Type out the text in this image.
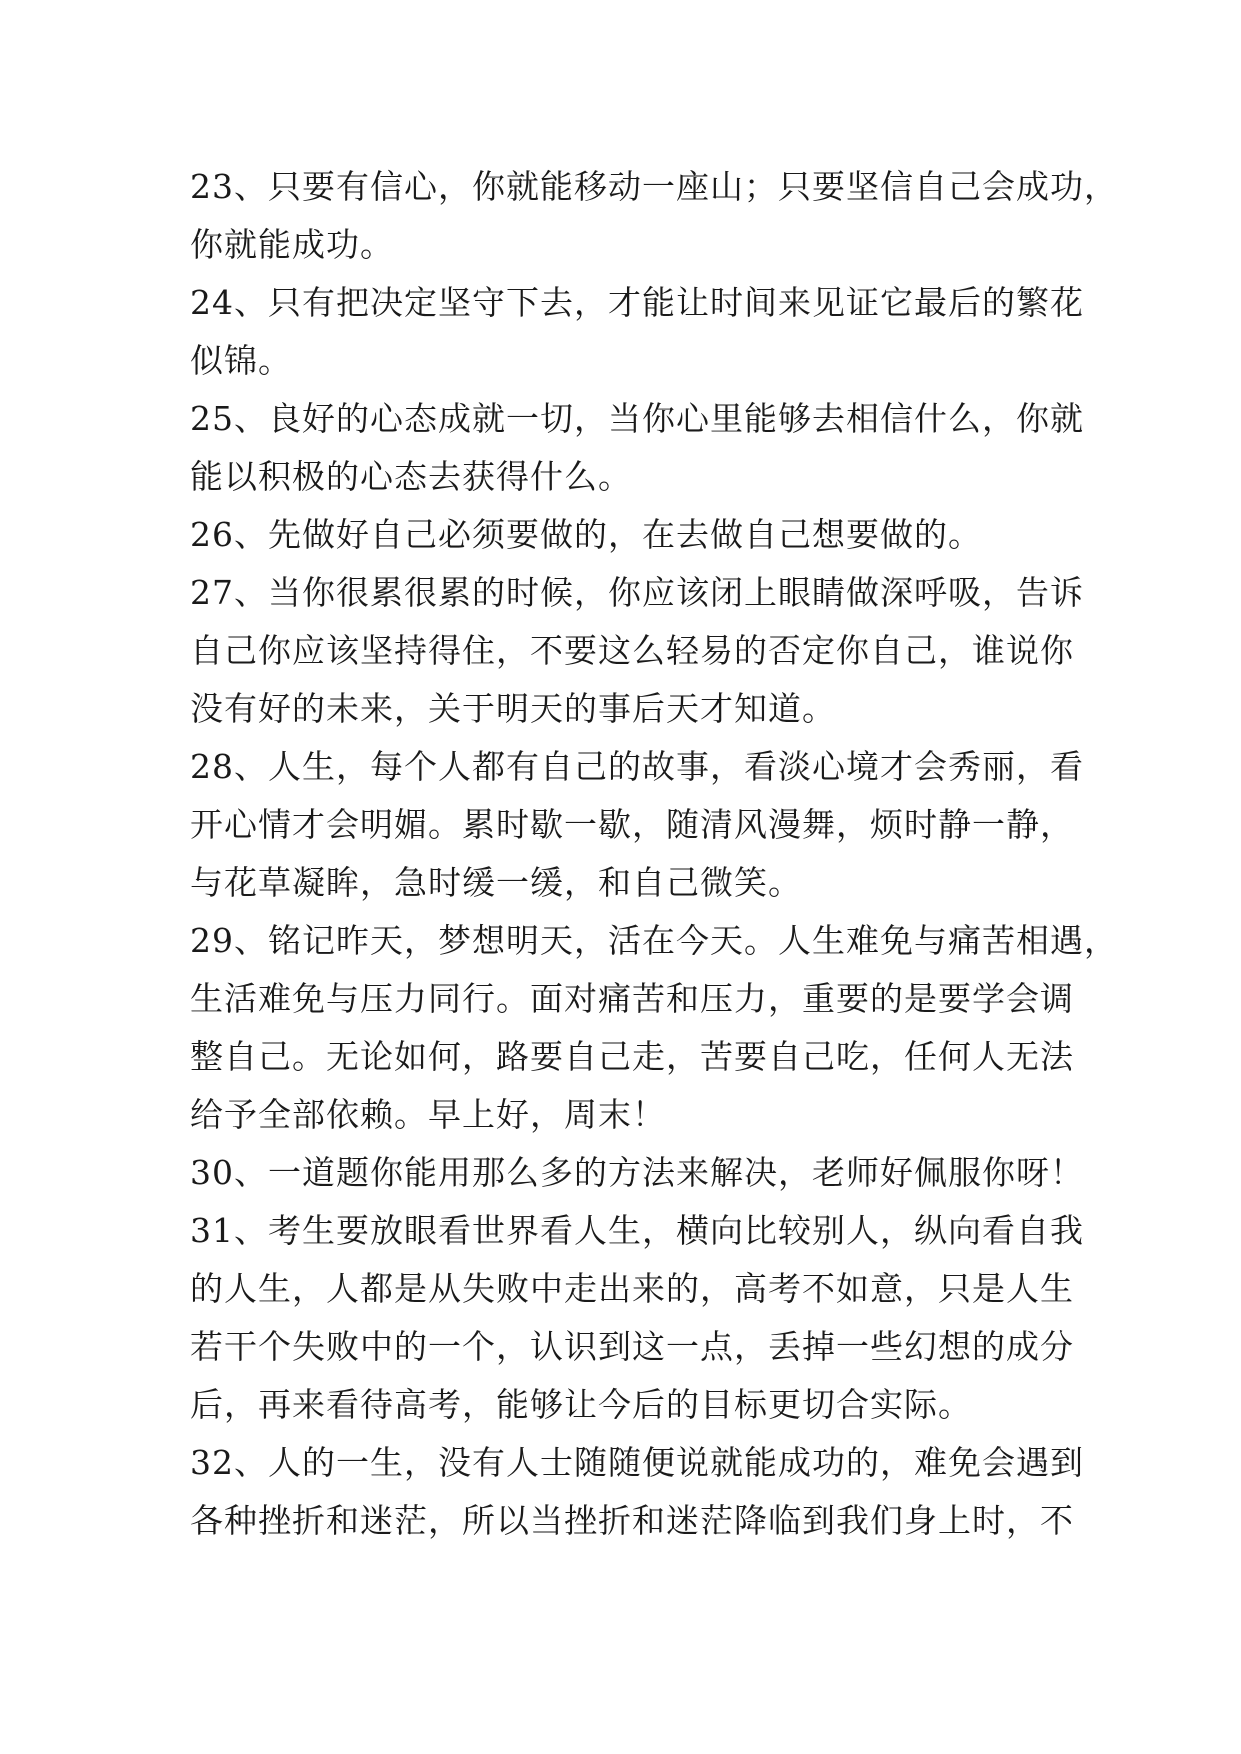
23、只要有信心，你就能移动一座山；只要坚信自己会成功，
你就能成功。
24、只有把决定坚守下去，才能让时间来见证它最后的繁花
似锦。
25、良好的心态成就一切，当你心里能够去相信什么，你就
能以积极的心态去获得什么。
26、先做好自己必须要做的，在去做自己想要做的。
27、当你很累很累的时候，你应该闭上眼睛做深呼吸，告诉
自己你应该坚持得住，不要这么轻易的否定你自己，谁说你
没有好的未来，关于明天的事后天才知道。
28、人生，每个人都有自己的故事，看淡心境才会秀丽，看
开心情才会明媚。累时歇一歇，随清风漫舞，烦时静一静，
与花草凝眸，急时缓一缓，和自己微笑。
29、铭记昨天，梦想明天，活在今天。人生难免与痛苦相遇，
生活难免与压力同行。面对痛苦和压力，重要的是要学会调
整自己。无论如何，路要自己走，苦要自己吃，任何人无法
给予全部依赖。早上好，周末！
30、一道题你能用那么多的方法来解决，老师好佩服你呀！
31、考生要放眼看世界看人生，横向比较别人，纵向看自我
的人生，人都是从失败中走出来的，高考不如意，只是人生
若干个失败中的一个，认识到这一点，丢掉一些幻想的成分
后，再来看待高考，能够让今后的目标更切合实际。
32、人的一生，没有人士随随便说就能成功的，难免会遇到
各种挫折和迷茫，所以当挫折和迷茫降临到我们身上时，不
